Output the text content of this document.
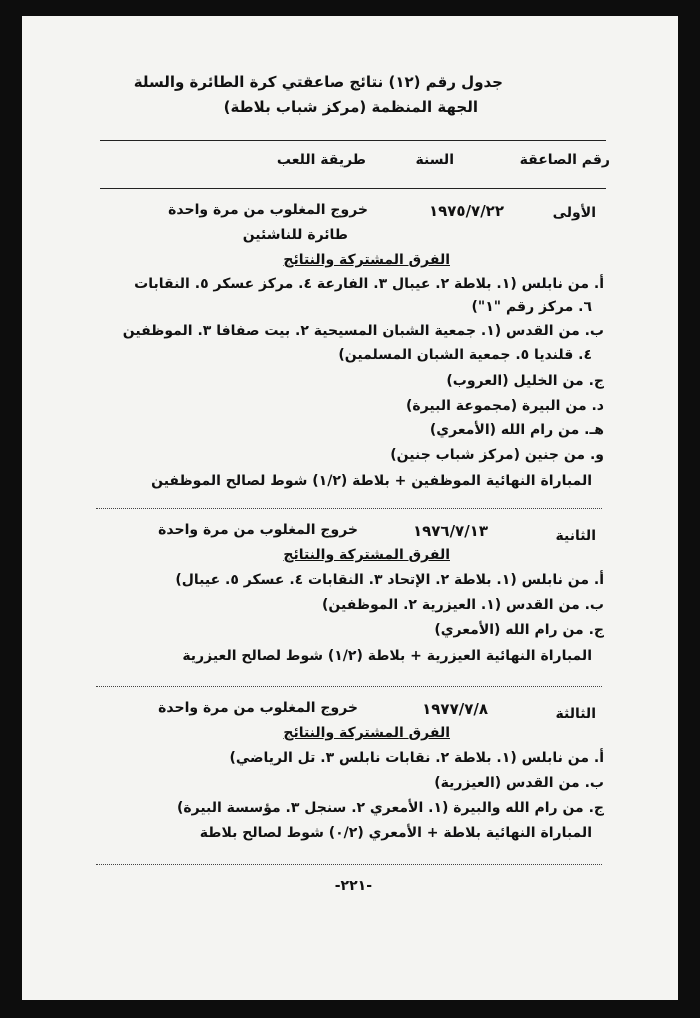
جدول رقم (١٢) نتائج صاعقتي كرة الطائرة والسلة
الجهة المنظمة (مركز شباب بلاطة)
رقم الصاعقة
السنة
طريقة اللعب
الأولى
١٩٧٥/٧/٢٢
خروج المغلوب من مرة واحدة
طائرة للناشئين
الفرق المشتركة والنتائج
أ. من نابلس (١. بلاطة ٢. عيبال ٣. الفارعة ٤. مركز عسكر ٥. النقابات
٦. مركز رقم "١")
ب. من القدس (١. جمعية الشبان المسيحية ٢. بيت صفافا ٣. الموظفين
٤. قلنديا ٥. جمعية الشبان المسلمين)
ج. من الخليل (العروب)
د. من البيرة (مجموعة البيرة)
هـ. من رام الله (الأمعري)
و. من جنين (مركز شباب جنين)
المباراة النهائية الموظفين + بلاطة (١/٢) شوط لصالح الموظفين
الثانية
١٩٧٦/٧/١٣
خروج المغلوب من مرة واحدة
الفرق المشتركة والنتائج
أ. من نابلس (١. بلاطة ٢. الإتحاد ٣. النقابات ٤. عسكر ٥. عيبال)
ب. من القدس (١. العيزرية ٢. الموظفين)
ج. من رام الله (الأمعري)
المباراة النهائية العيزرية + بلاطة (١/٢) شوط لصالح العيزرية
الثالثة
١٩٧٧/٧/٨
خروج المغلوب من مرة واحدة
الفرق المشتركة والنتائج
أ. من نابلس (١. بلاطة ٢. نقابات نابلس ٣. تل الرياضي)
ب. من القدس (العيزرية)
ج. من رام الله والبيرة (١. الأمعري ٢. سنجل ٣. مؤسسة البيرة)
المباراة النهائية بلاطة + الأمعري (٠/٢) شوط لصالح بلاطة
-٢٢١-
